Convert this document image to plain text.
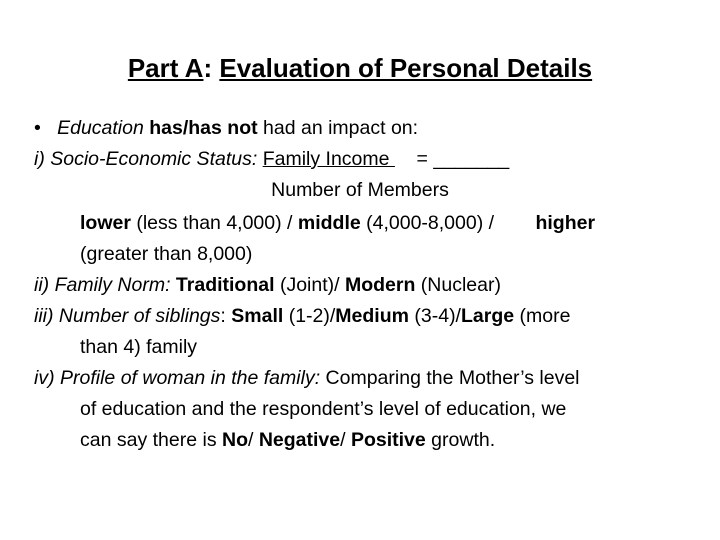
Part A: Evaluation of Personal Details
• Education has/has not had an impact on:
i) Socio-Economic Status: Family Income     = _______
Number of Members
lower (less than 4,000) / middle (4,000-8,000) / higher
(greater than 8,000)
ii) Family Norm: Traditional (Joint)/ Modern (Nuclear)
iii) Number of siblings: Small (1-2)/Medium (3-4)/Large (more
than 4) family
iv) Profile of woman in the family: Comparing the Mother’s level
of education and the respondent’s level of education, we
can say there is No/ Negative/ Positive growth.
